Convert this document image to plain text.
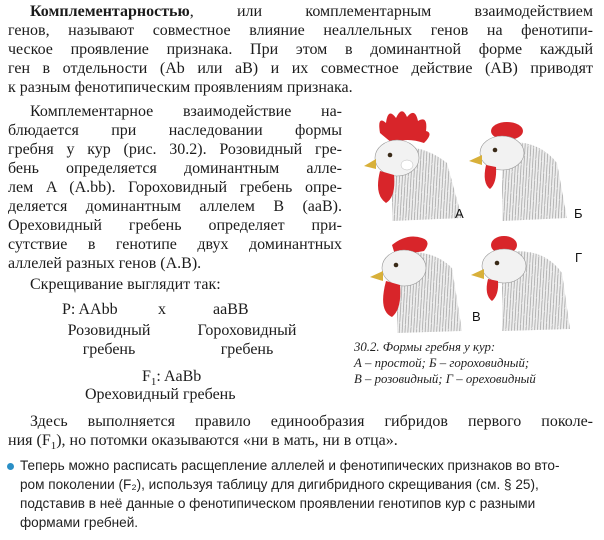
Комплементарностью, или комплементарным взаимодействием
генов, называют совместное влияние неаллельных генов на фенотипи-
ческое проявление признака. При этом в доминантной форме каждый
ген в отдельности (Ab или aB) и их совместное действие (AB) приводят
к разным фенотипическим проявлениям признака.
Комплементарное взаимодействие на-
блюдается при наследовании формы
гребня у кур (рис. 30.2). Розовидный гре-
бень определяется доминантным алле-
лем A (A.bb). Гороховидный гребень опре-
деляется доминантным аллелем B (aaB).
Ореховидный гребень определяет при-
сутствие в генотипе двух доминантных
аллелей разных генов (A.B).
Скрещивание выглядит так:
P: AAbb	x	aaBB
Розовидный
гребень
Гороховидный
гребень
$F_1$: AaBb
Ореховидный гребень
А	Б
В
Г
30.2. Формы гребня у кур:
А – простой; Б – гороховидный;
В – розовидный; Г – ореховидный
Здесь выполняется правило единообразия гибридов первого поколе-
ния $(F_1)$, но потомки оказываются «ни в мать, ни в отца».
Теперь можно расписать расщепление аллелей и фенотипических признаков во вто-
ром поколении (F₂), используя таблицу для дигибридного скрещивания (см. § 25),
подставив в неё данные о фенотипическом проявлении генотипов кур с разными
формами гребней.
